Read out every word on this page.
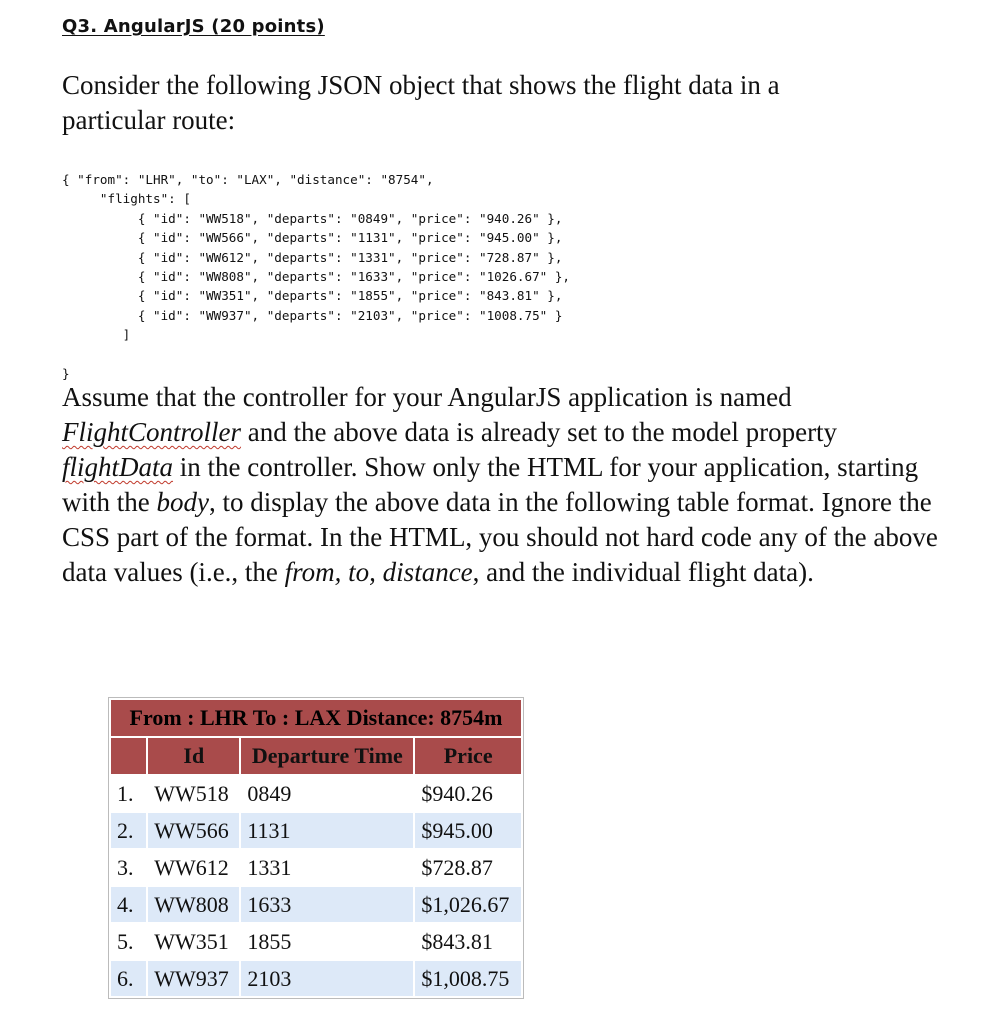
Q3. AngularJS (20 points)

Consider the following JSON object that shows the flight data in a particular route:

{ "from": "LHR", "to": "LAX", "distance": "8754",
"flights": [
{ "id": "WW518", "departs": "0849", "price": "940.26" },
{ "id": "WW566", "departs": "1131", "price": "945.00" },
{ "id": "WW612", "departs": "1331", "price": "728.87" },
{ "id": "WW808", "departs": "1633", "price": "1026.67" },
{ "id": "WW351", "departs": "1855", "price": "843.81" },
{ "id": "WW937", "departs": "2103", "price": "1008.75" }
]

}

Assume that the controller for your AngularJS application is named FlightController and the above data is already set to the model property flightData in the controller. Show only the HTML for your application, starting with the body, to display the above data in the following table format. Ignore the CSS part of the format. In the HTML, you should not hard code any of the above data values (i.e., the from, to, distance, and the individual flight data).

From : LHR To : LAX Distance: 8754m			
	Id	Departure Time	Price
1.	WW518	0849	$940.26
2.	WW566	1131	$945.00
3.	WW612	1331	$728.87
4.	WW808	1633	$1,026.67
5.	WW351	1855	$843.81
6.	WW937	2103	$1,008.75
